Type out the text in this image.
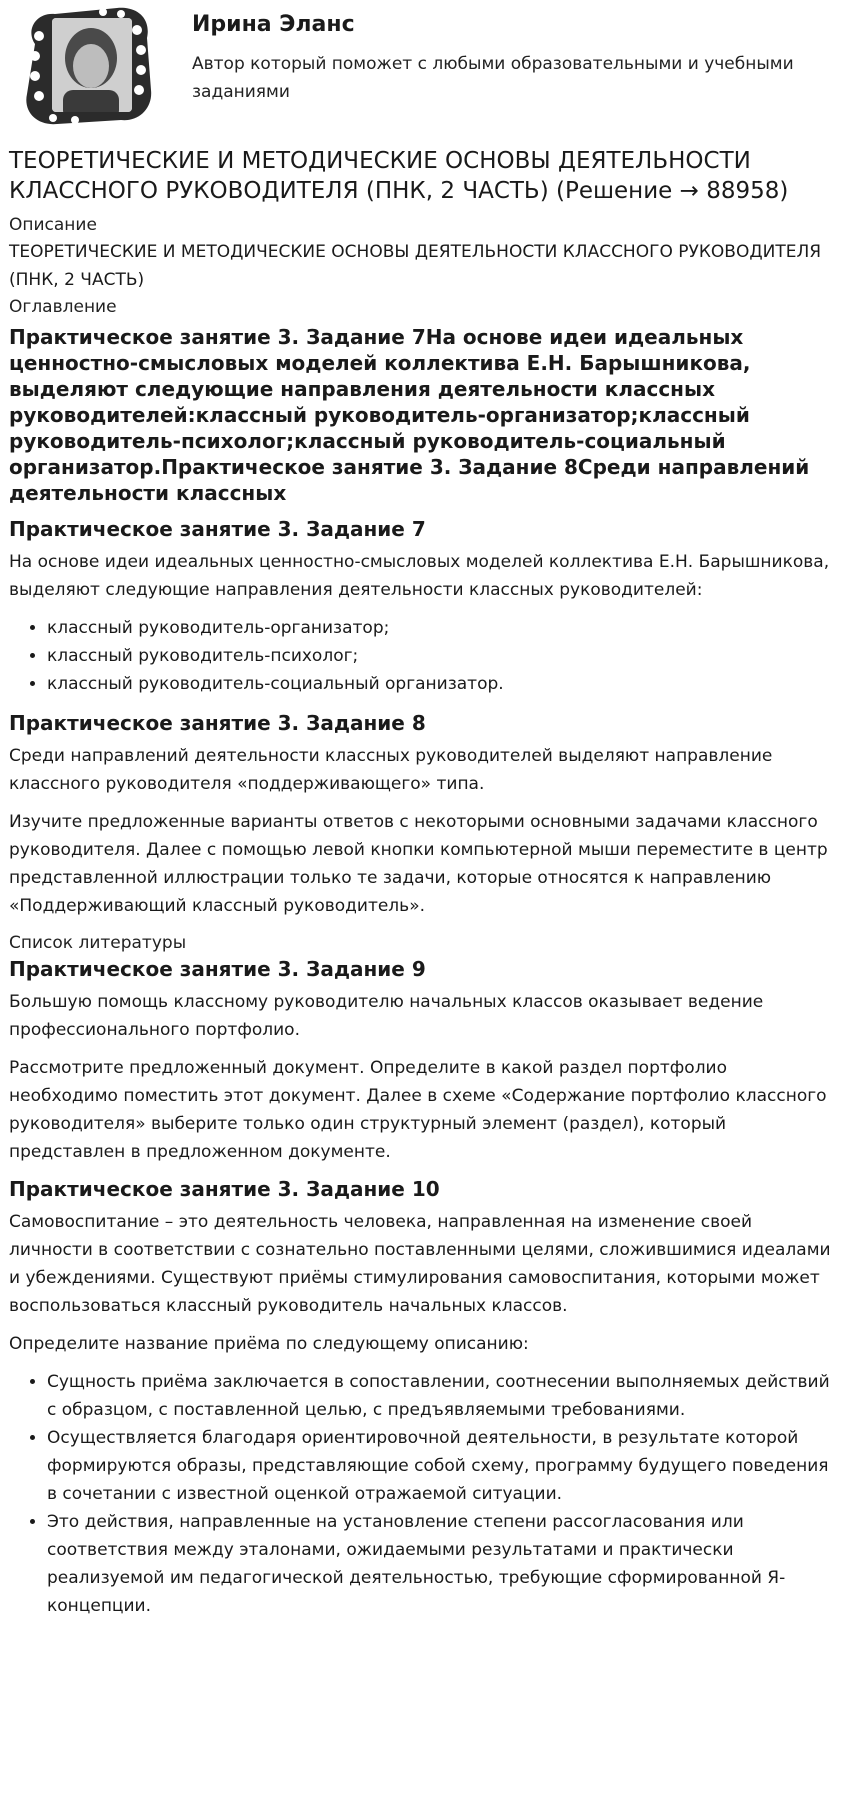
Ирина Эланс

Автор который поможет с любыми образовательными и учебными заданиями

ТЕОРЕТИЧЕСКИЕ И МЕТОДИЧЕСКИЕ ОСНОВЫ ДЕЯТЕЛЬНОСТИ КЛАССНОГО РУКОВОДИТЕЛЯ (ПНК, 2 ЧАСТЬ) (Решение → 88958)

Описание

ТЕОРЕТИЧЕСКИЕ И МЕТОДИЧЕСКИЕ ОСНОВЫ ДЕЯТЕЛЬНОСТИ КЛАССНОГО РУКОВОДИТЕЛЯ (ПНК, 2 ЧАСТЬ)

Оглавление

Практическое занятие 3. Задание 7На основе идеи идеальных ценностно-смысловых моделей коллектива Е.Н. Барышникова, выделяют следующие направления деятельности классных руководителей:классный руководитель-организатор;классный руководитель-психолог;классный руководитель-социальный организатор.Практическое занятие 3. Задание 8Среди направлений деятельности классных
Практическое занятие 3. Задание 7

На основе идеи идеальных ценностно-смысловых моделей коллектива Е.Н. Барышникова, выделяют следующие направления деятельности классных руководителей:

• классный руководитель-организатор;
• классный руководитель-психолог;
• классный руководитель-социальный организатор.
Практическое занятие 3. Задание 8

Среди направлений деятельности классных руководителей выделяют направление классного руководителя «поддерживающего» типа.

Изучите предложенные варианты ответов с некоторыми основными задачами классного руководителя. Далее с помощью левой кнопки компьютерной мыши переместите в центр представленной иллюстрации только те задачи, которые относятся к направлению «Поддерживающий классный руководитель».

Список литературы

Практическое занятие 3. Задание 9

Большую помощь классному руководителю начальных классов оказывает ведение профессионального портфолио.

Рассмотрите предложенный документ. Определите в какой раздел портфолио необходимо поместить этот документ. Далее в схеме «Содержание портфолио классного руководителя» выберите только один структурный элемент (раздел), который представлен в предложенном документе.

Практическое занятие 3. Задание 10

Самовоспитание – это деятельность человека, направленная на изменение своей личности в соответствии с сознательно поставленными целями, сложившимися идеалами и убеждениями. Существуют приёмы стимулирования самовоспитания, которыми может воспользоваться классный руководитель начальных классов.

Определите название приёма по следующему описанию:

• Сущность приёма заключается в сопоставлении, соотнесении выполняемых действий с образцом, с поставленной целью, с предъявляемыми требованиями.
• Осуществляется благодаря ориентировочной деятельности, в результате которой формируются образы, представляющие собой схему, программу будущего поведения в сочетании с известной оценкой отражаемой ситуации.
• Это действия, направленные на установление степени рассогласования или соответствия между эталонами, ожидаемыми результатами и практически реализуемой им педагогической деятельностью, требующие сформированной Я-концепции.
